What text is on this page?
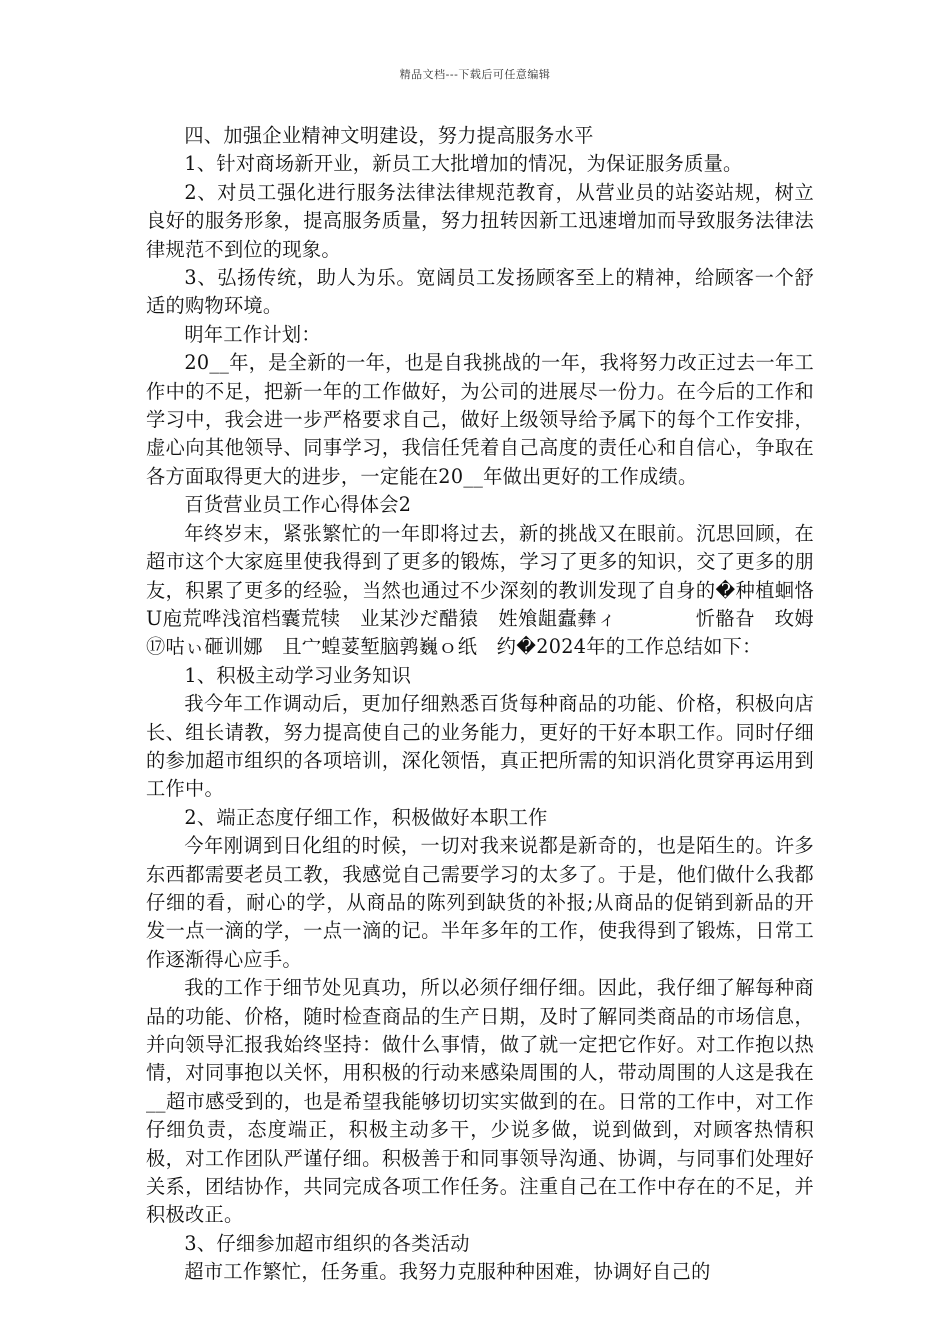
精品文档---下载后可任意编辑

四、加强企业精神文明建设，努力提高服务水平

1、针对商场新开业，新员工大批增加的情况，为保证服务质量。

2、对员工强化进行服务法律法律规范教育，从营业员的站姿站规，树立良好的服务形象，提高服务质量，努力扭转因新工迅速增加而导致服务法律法律规范不到位的现象。

3、弘扬传统，助人为乐。宽阔员工发扬顾客至上的精神，给顾客一个舒适的购物环境。

明年工作计划：

20__年，是全新的一年，也是自我挑战的一年，我将努力改正过去一年工作中的不足，把新一年的工作做好，为公司的进展尽一份力。在今后的工作和学习中，我会进一步严格要求自己，做好上级领导给予属下的每个工作安排，虚心向其他领导、同事学习，我信任凭着自己高度的责任心和自信心，争取在各方面取得更大的进步，一定能在20__年做出更好的工作成绩。

百货营业员工作心得体会2

年终岁末，紧张繁忙的一年即将过去，新的挑战又在眼前。沉思回顾，在超市这个大家庭里使我得到了更多的锻炼，学习了更多的知识，交了更多的朋友，积累了更多的经验，当然也通过不少深刻的教训发现了自身的�种植蛔恪U庖荒哗浅涫档囊荒犊　业某沙だ醋猿　姓飧龃蠹彝ィ　　　　忻骼旮　玫姆⑰咕ぃ砸训娜　且宀蝗荽堑脑鹑巍ｏ纸　约�2024年的工作总结如下：

1、积极主动学习业务知识

我今年工作调动后，更加仔细熟悉百货每种商品的功能、价格，积极向店长、组长请教，努力提高使自己的业务能力，更好的干好本职工作。同时仔细的参加超市组织的各项培训，深化领悟，真正把所需的知识消化贯穿再运用到工作中。

2、端正态度仔细工作，积极做好本职工作

今年刚调到日化组的时候，一切对我来说都是新奇的，也是陌生的。许多东西都需要老员工教，我感觉自己需要学习的太多了。于是，他们做什么我都仔细的看，耐心的学，从商品的陈列到缺货的补报;从商品的促销到新品的开发一点一滴的学，一点一滴的记。半年多年的工作，使我得到了锻炼，日常工作逐渐得心应手。

我的工作于细节处见真功，所以必须仔细仔细。因此，我仔细了解每种商品的功能、价格，随时检查商品的生产日期，及时了解同类商品的市场信息，并向领导汇报我始终坚持：做什么事情，做了就一定把它作好。对工作抱以热情，对同事抱以关怀，用积极的行动来感染周围的人，带动周围的人这是我在__超市感受到的，也是希望我能够切切实实做到的在。日常的工作中，对工作仔细负责，态度端正，积极主动多干，少说多做，说到做到，对顾客热情积极，对工作团队严谨仔细。积极善于和同事领导沟通、协调，与同事们处理好关系，团结协作，共同完成各项工作任务。注重自己在工作中存在的不足，并积极改正。

3、仔细参加超市组织的各类活动

超市工作繁忙，任务重。我努力克服种种困难，协调好自己的
